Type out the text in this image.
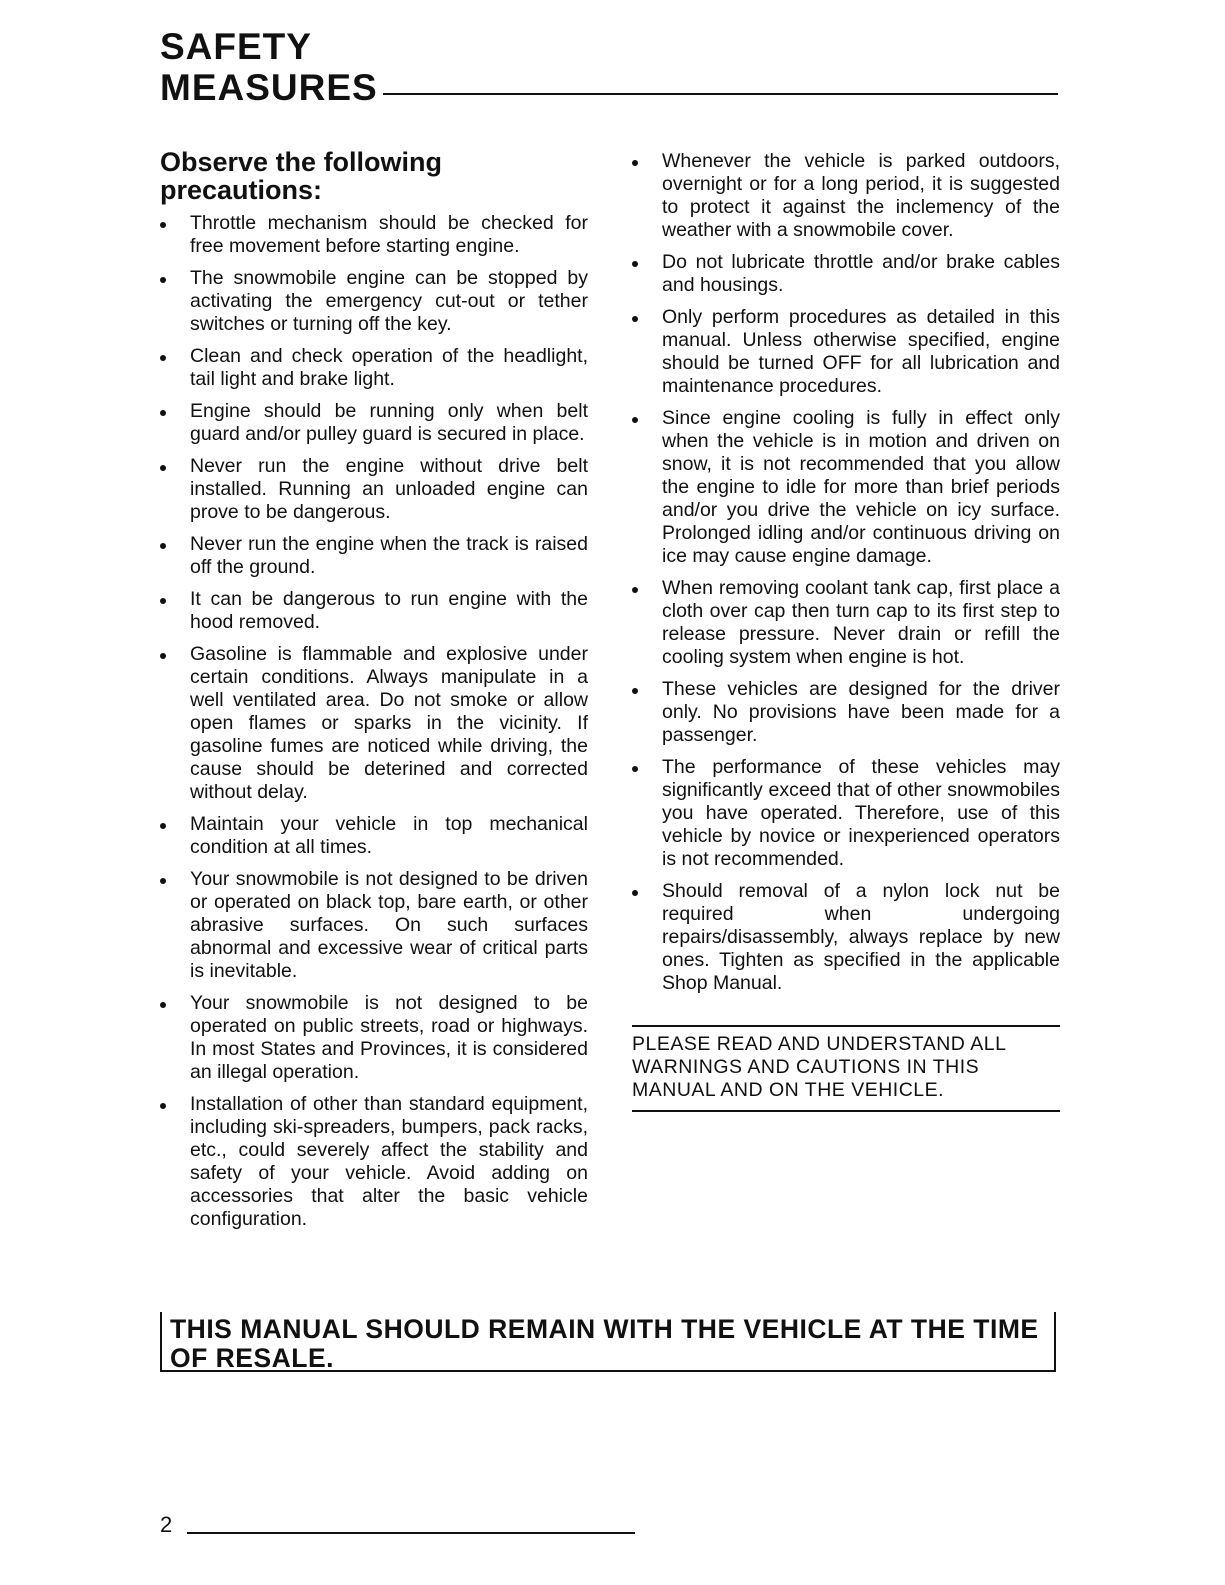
SAFETY
MEASURES
Observe the following precautions:
Throttle mechanism should be checked for free movement before starting engine.
The snowmobile engine can be stopped by activating the emergency cut-out or tether switches or turning off the key.
Clean and check operation of the headlight, tail light and brake light.
Engine should be running only when belt guard and/or pulley guard is secured in place.
Never run the engine without drive belt installed. Running an unloaded engine can prove to be dangerous.
Never run the engine when the track is raised off the ground.
It can be dangerous to run engine with the hood removed.
Gasoline is flammable and explosive under certain conditions. Always manipulate in a well ventilated area. Do not smoke or allow open flames or sparks in the vicinity. If gasoline fumes are noticed while driving, the cause should be deterined and corrected without delay.
Maintain your vehicle in top mechanical condition at all times.
Your snowmobile is not designed to be driven or operated on black top, bare earth, or other abrasive surfaces. On such surfaces abnormal and excessive wear of critical parts is inevitable.
Your snowmobile is not designed to be operated on public streets, road or highways. In most States and Provinces, it is considered an illegal operation.
Installation of other than standard equipment, including ski-spreaders, bumpers, pack racks, etc., could severely affect the stability and safety of your vehicle. Avoid adding on accessories that alter the basic vehicle configuration.
Whenever the vehicle is parked outdoors, overnight or for a long period, it is suggested to protect it against the inclemency of the weather with a snowmobile cover.
Do not lubricate throttle and/or brake cables and housings.
Only perform procedures as detailed in this manual. Unless otherwise specified, engine should be turned OFF for all lubrication and maintenance procedures.
Since engine cooling is fully in effect only when the vehicle is in motion and driven on snow, it is not recommended that you allow the engine to idle for more than brief periods and/or you drive the vehicle on icy surface. Prolonged idling and/or continuous driving on ice may cause engine damage.
When removing coolant tank cap, first place a cloth over cap then turn cap to its first step to release pressure. Never drain or refill the cooling system when engine is hot.
These vehicles are designed for the driver only. No provisions have been made for a passenger.
The performance of these vehicles may significantly exceed that of other snowmobiles you have operated. Therefore, use of this vehicle by novice or inexperienced operators is not recommended.
Should removal of a nylon lock nut be required when undergoing repairs/disassembly, always replace by new ones. Tighten as specified in the applicable Shop Manual.
PLEASE READ AND UNDERSTAND ALL WARNINGS AND CAUTIONS IN THIS MANUAL AND ON THE VEHICLE.
THIS MANUAL SHOULD REMAIN WITH THE VEHICLE AT THE TIME OF RESALE.
2
